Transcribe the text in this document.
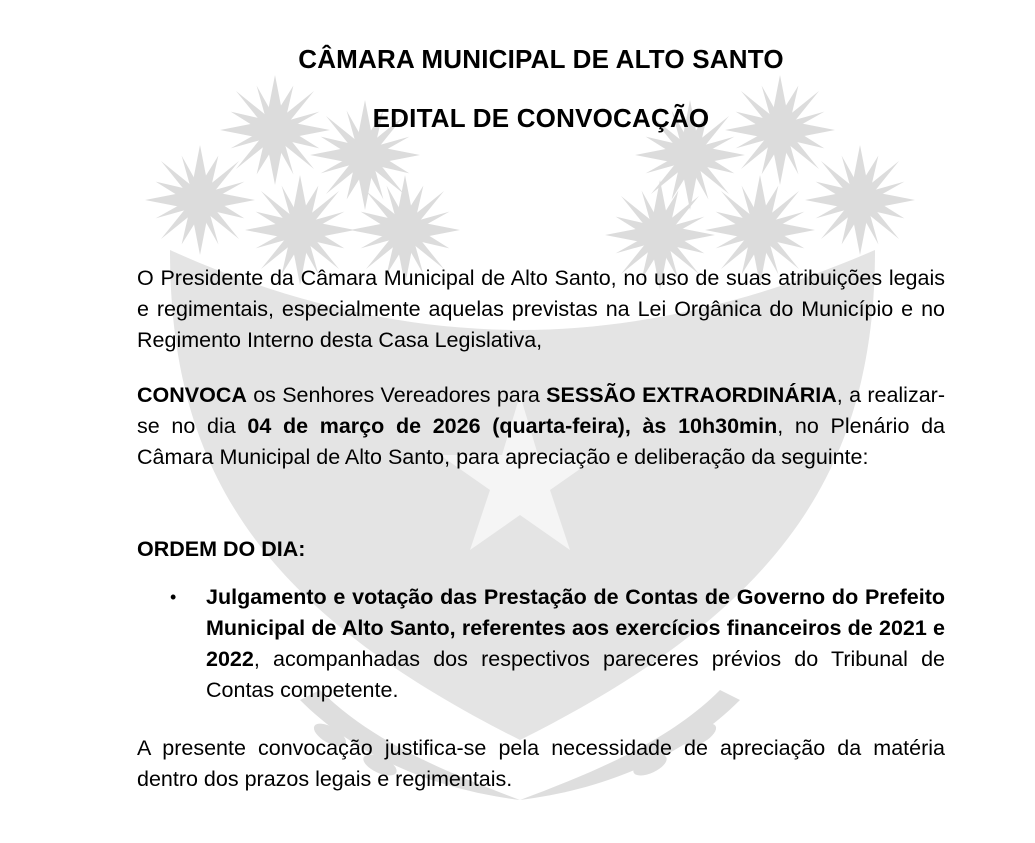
CÂMARA MUNICIPAL DE ALTO SANTO
EDITAL DE CONVOCAÇÃO

O Presidente da Câmara Municipal de Alto Santo, no uso de suas atribuições legais e regimentais, especialmente aquelas previstas na Lei Orgânica do Município e no Regimento Interno desta Casa Legislativa,

CONVOCA os Senhores Vereadores para SESSÃO EXTRAORDINÁRIA, a realizar-se no dia 04 de março de 2026 (quarta-feira), às 10h30min, no Plenário da Câmara Municipal de Alto Santo, para apreciação e deliberação da seguinte:

ORDEM DO DIA:

• Julgamento e votação das Prestação de Contas de Governo do Prefeito Municipal de Alto Santo, referentes aos exercícios financeiros de 2021 e 2022, acompanhadas dos respectivos pareceres prévios do Tribunal de Contas competente.

A presente convocação justifica-se pela necessidade de apreciação da matéria dentro dos prazos legais e regimentais.
